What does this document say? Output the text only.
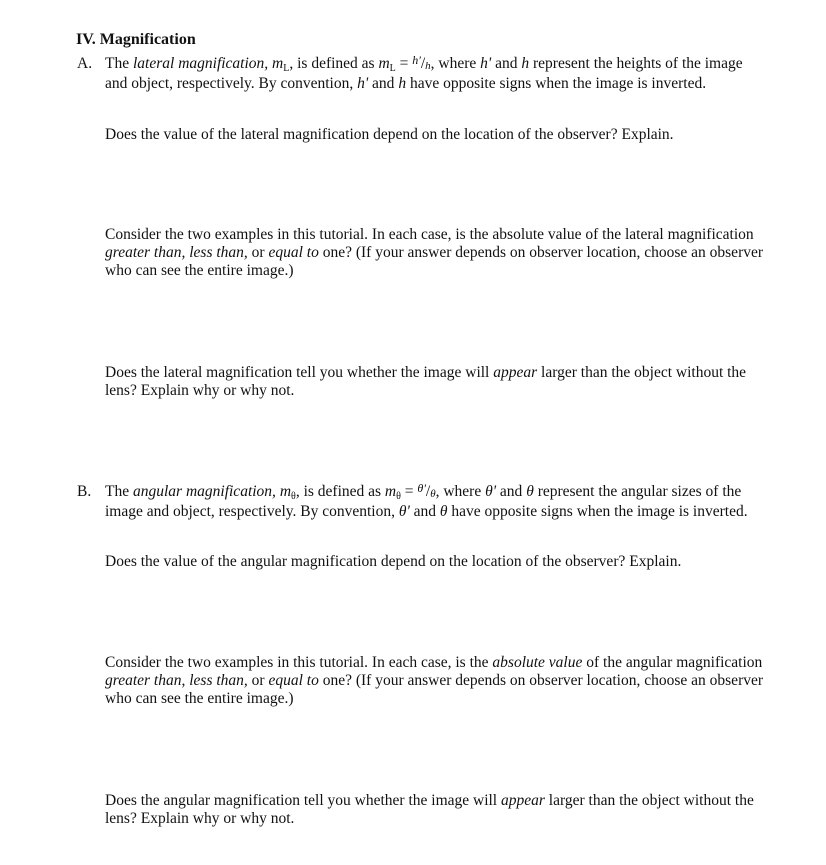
IV. Magnification
A. The lateral magnification, mL, is defined as mL = $^{h'}$/h, where h' and h represent the heights of the image and object, respectively. By convention, h' and h have opposite signs when the image is inverted.
Does the value of the lateral magnification depend on the location of the observer? Explain.
Consider the two examples in this tutorial. In each case, is the absolute value of the lateral magnification greater than, less than, or equal to one? (If your answer depends on observer location, choose an observer who can see the entire image.)
Does the lateral magnification tell you whether the image will appear larger than the object without the lens? Explain why or why not.
B. The angular magnification, mθ, is defined as mθ = $^{\theta'}$/θ, where θ' and θ represent the angular sizes of the image and object, respectively. By convention, θ' and θ have opposite signs when the image is inverted.
Does the value of the angular magnification depend on the location of the observer? Explain.
Consider the two examples in this tutorial. In each case, is the absolute value of the angular magnification greater than, less than, or equal to one? (If your answer depends on observer location, choose an observer who can see the entire image.)
Does the angular magnification tell you whether the image will appear larger than the object without the lens? Explain why or why not.
